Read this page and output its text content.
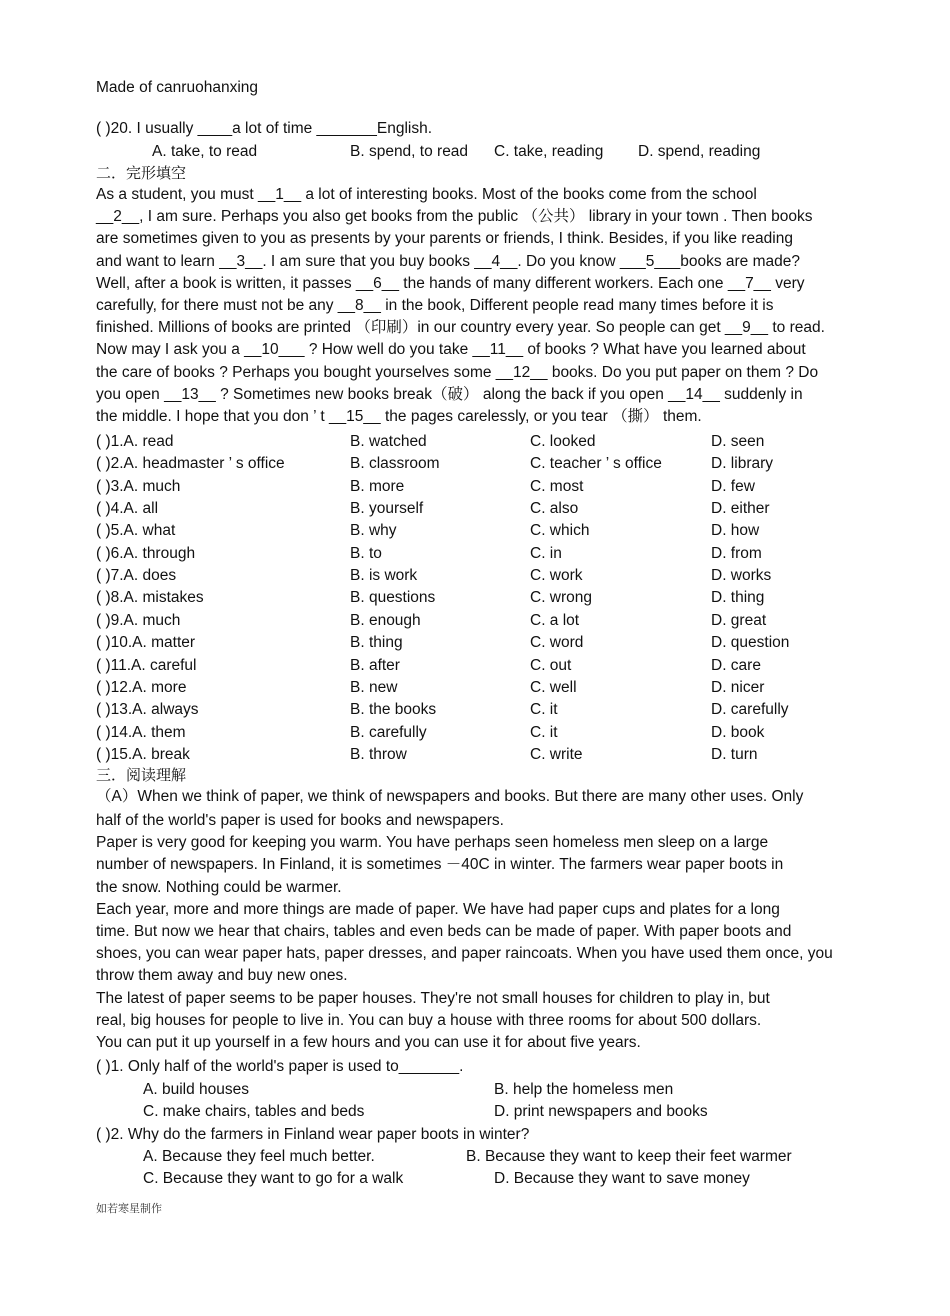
Made of canruohanxing
( )20. I usually ____a lot of time _______English.
A. take, to read	B. spend, to read C. take, reading D. spend, reading
二．完形填空
As a student, you must __1__ a lot of interesting books. Most of the books come from the school
__2__, I am sure. Perhaps you also get books from the public （公共） library in your town . Then books
are sometimes given to you as presents by your parents or friends, I think. Besides, if you like reading
and want to learn __3__. I am sure that you buy books __4__. Do you know ___5___books are made?
Well, after a book is written, it passes __6__ the hands of many different workers. Each one __7__ very
carefully, for there must not be any __8__ in the book, Different people read many times before it is
finished. Millions of books are printed （印刷）in our country every year. So people can get __9__ to read.
Now may I ask you a __10___ ? How well do you take __11__ of books ? What have you learned about
the care of books ? Perhaps you bought yourselves some __12__ books. Do you put paper on them ? Do
you open __13__ ? Sometimes new books break（破） along the back if you open __14__ suddenly in
the middle. I hope that you don ’ t __15__ the pages carelessly, or you tear （撕） them.
( )1.A. read	B. watched	C. looked	D. seen
( )2.A. headmaster ’ s office	B. classroom	C. teacher ’ s office	D. library
( )3.A. much	B. more	C. most	D. few
( )4.A. all	B. yourself	C. also	D. either
( )5.A. what	B. why	C. which	D. how
( )6.A. through	B. to	C. in	D. from
( )7.A. does	B. is work	C. work	D. works
( )8.A. mistakes	B. questions	C. wrong	D. thing
( )9.A. much	B. enough	C. a lot	D. great
( )10.A. matter	B. thing	C. word	D. question
( )11.A. careful	B. after	C. out	D. care
( )12.A. more	B. new	C. well	D. nicer
( )13.A. always	B. the books	C. it	D. carefully
( )14.A. them	B. carefully	C. it	D. book
( )15.A. break	B. throw	C. write	D. turn
三．阅读理解
（A）When we think of paper, we think of newspapers and books. But there are many other uses. Only
half of the world's paper is used for books and newspapers.
Paper is very good for keeping you warm. You have perhaps seen homeless men sleep on a large
number of newspapers. In Finland, it is sometimes －40C in winter. The farmers wear paper boots in
the snow. Nothing could be warmer.
Each year, more and more things are made of paper. We have had paper cups and plates for a long
time. But now we hear that chairs, tables and even beds can be made of paper. With paper boots and
shoes, you can wear paper hats, paper dresses, and paper raincoats. When you have used them once, you
throw them away and buy new ones.
The latest of paper seems to be paper houses. They're not small houses for children to play in, but
real, big houses for people to live in. You can buy a house with three rooms for about 500 dollars.
You can put it up yourself in a few hours and you can use it for about five years.
( )1. Only half of the world's paper is used to_______.
A. build houses	B. help the homeless men
C. make chairs, tables and beds	D. print newspapers and books
( )2. Why do the farmers in Finland wear paper boots in winter?
A. Because they feel much better.	B. Because they want to keep their feet warmer
C. Because they want to go for a walk	D. Because they want to save money
如若寒星制作
